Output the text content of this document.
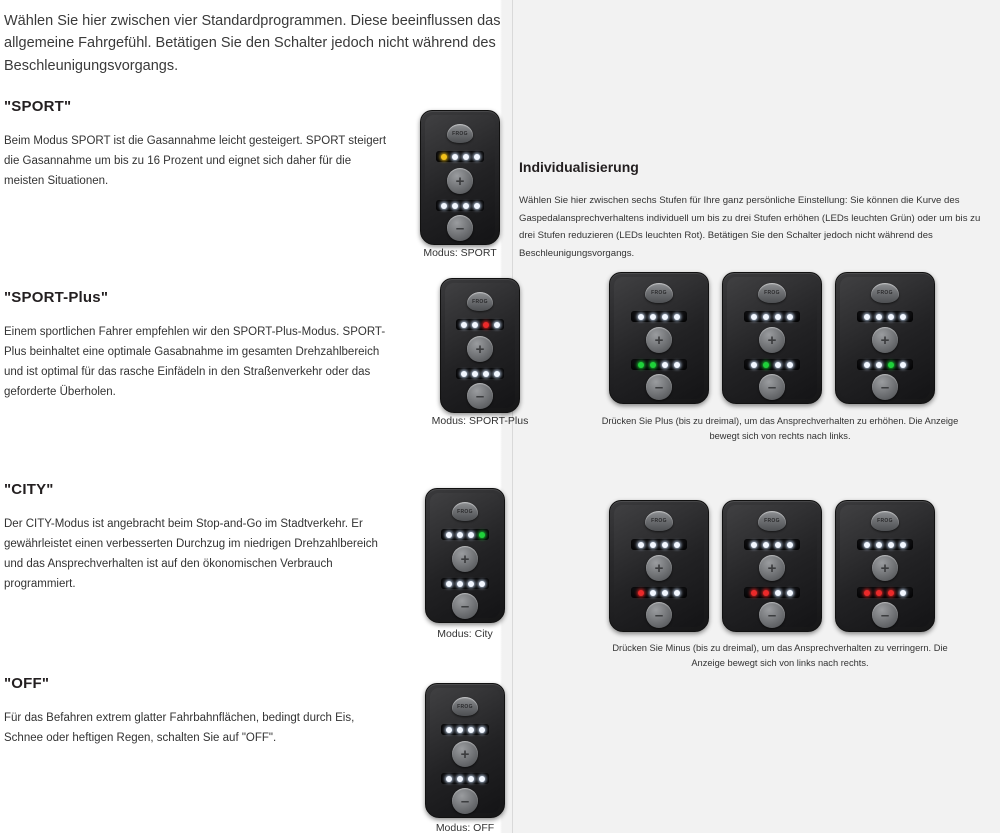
Wählen Sie hier zwischen vier Standardprogrammen. Diese beeinflussen das allgemeine Fahrgefühl. Betätigen Sie den Schalter jedoch nicht während des Beschleunigungsvorgangs.
"SPORT"
Beim Modus SPORT ist die Gasannahme leicht gesteigert. SPORT steigert die Gasannahme um bis zu 16 Prozent und eignet sich daher für die meisten Situationen.
FROG
+
–
Modus: SPORT
"SPORT-Plus"
Einem sportlichen Fahrer empfehlen wir den SPORT-Plus-Modus. SPORT-Plus beinhaltet eine optimale Gasabnahme im gesamten Drehzahlbereich und ist optimal für das rasche Einfädeln in den Straßenverkehr oder das geforderte Überholen.
FROG
+
–
Modus: SPORT-Plus
"CITY"
Der CITY-Modus ist angebracht beim Stop-and-Go im Stadtverkehr. Er gewährleistet einen verbesserten Durchzug im niedrigen Drehzahlbereich und das Ansprechverhalten ist auf den ökonomischen Verbrauch programmiert.
FROG
+
–
Modus: City
"OFF"
Für das Befahren extrem glatter Fahrbahnflächen, bedingt durch Eis, Schnee oder heftigen Regen, schalten Sie auf "OFF".
FROG
+
–
Modus: OFF
Individualisierung
Wählen Sie hier zwischen sechs Stufen für Ihre ganz persönliche Einstellung: Sie können die Kurve des Gaspedalansprechverhaltens individuell um bis zu drei Stufen erhöhen (LEDs leuchten Grün) oder um bis zu drei Stufen reduzieren (LEDs leuchten Rot). Betätigen Sie den Schalter jedoch nicht während des Beschleunigungsvorgangs.
FROG
+
–
FROG
+
–
FROG
+
–
Drücken Sie Plus (bis zu dreimal), um das Ansprechverhalten zu erhöhen. Die Anzeige bewegt sich von rechts nach links.
FROG
+
–
FROG
+
–
FROG
+
–
Drücken Sie Minus (bis zu dreimal), um das Ansprechverhalten zu verringern. Die Anzeige bewegt sich von links nach rechts.
